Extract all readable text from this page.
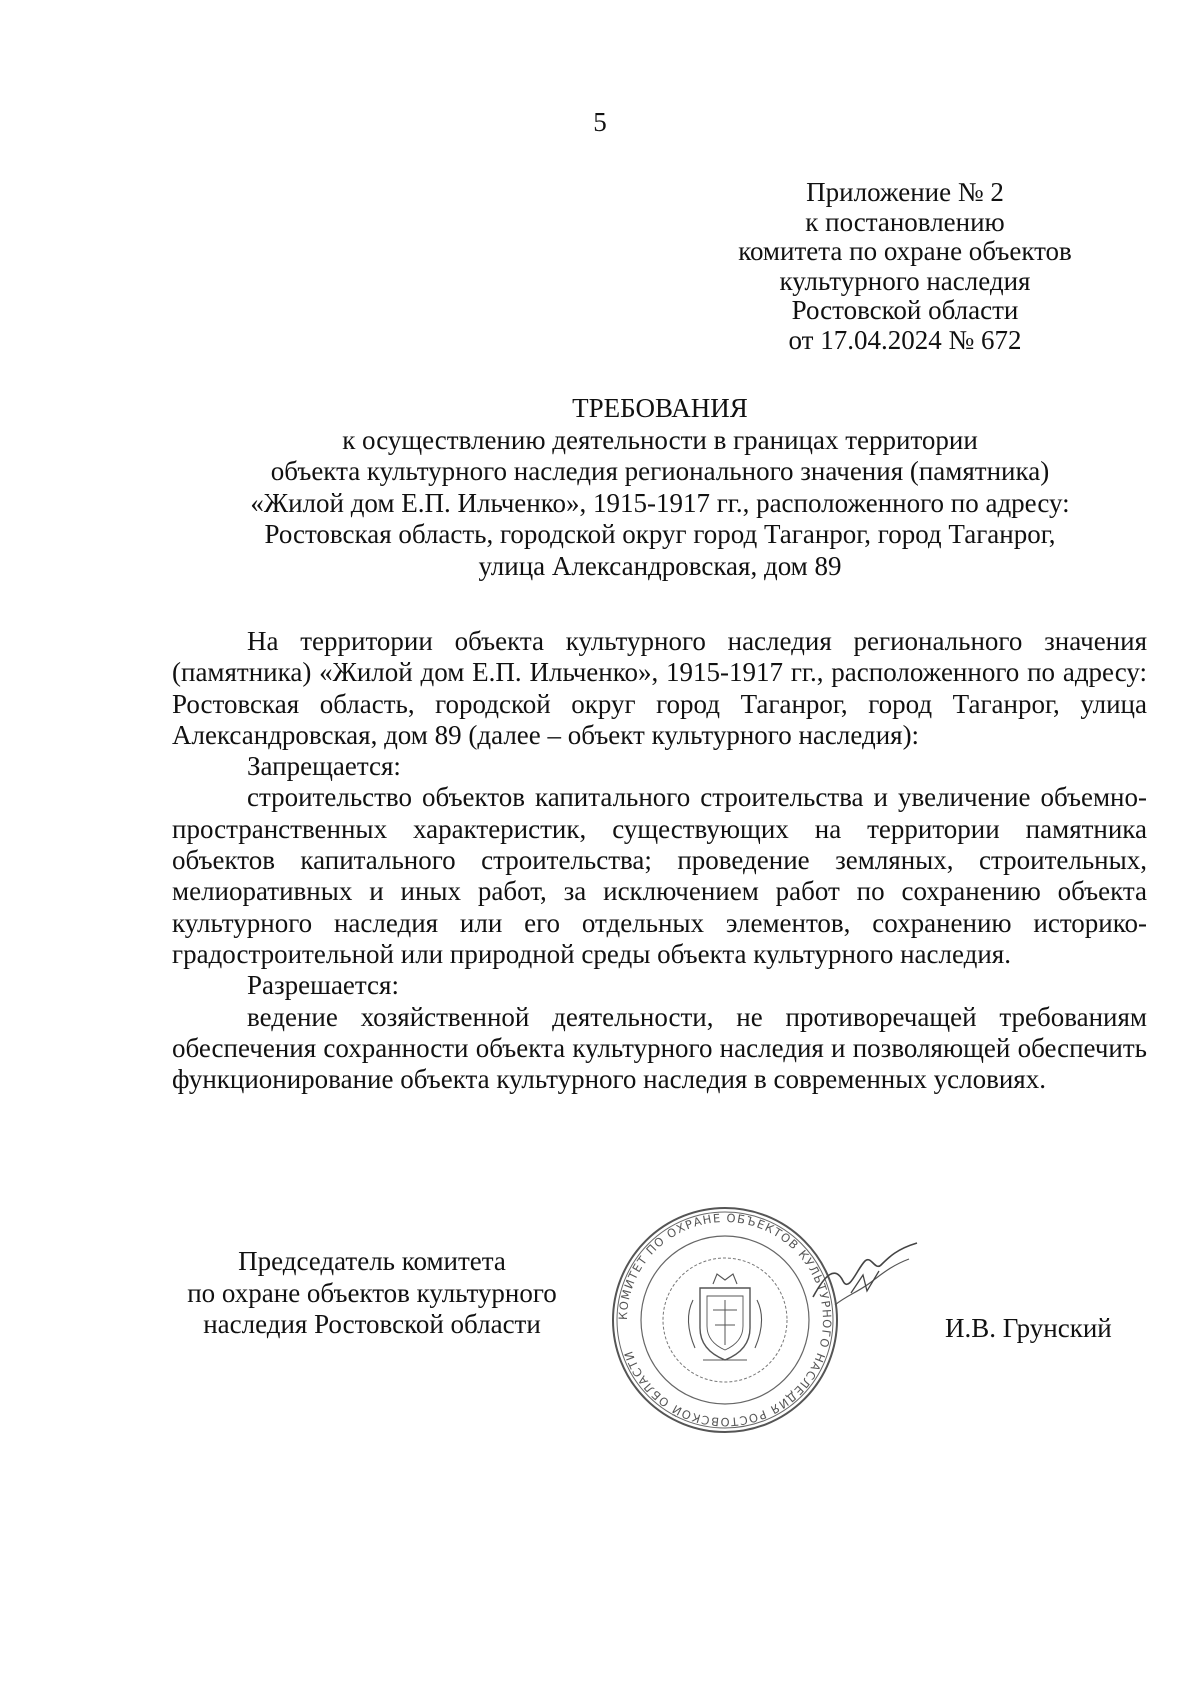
5
Приложение № 2
к постановлению
комитета по охране объектов
культурного наследия
Ростовской области
от 17.04.2024 № 672
ТРЕБОВАНИЯ
к осуществлению деятельности в границах территории
объекта культурного наследия регионального значения (памятника)
«Жилой дом Е.П. Ильченко», 1915-1917 гг., расположенного по адресу:
Ростовская область, городской округ город Таганрог, город Таганрог,
улица Александровская, дом 89

На территории объекта культурного наследия регионального значения (памятника) «Жилой дом Е.П. Ильченко», 1915-1917 гг., расположенного по адресу: Ростовская область, городской округ город Таганрог, город Таганрог, улица Александровская, дом 89 (далее – объект культурного наследия):

Запрещается:

строительство объектов капитального строительства и увеличение объемно-пространственных характеристик, существующих на территории памятника объектов капитального строительства; проведение земляных, строительных, мелиоративных и иных работ, за исключением работ по сохранению объекта культурного наследия или его отдельных элементов, сохранению историко-градостроительной или природной среды объекта культурного наследия.

Разрешается:

ведение хозяйственной деятельности, не противоречащей требованиям обеспечения сохранности объекта культурного наследия и позволяющей обеспечить функционирование объекта культурного наследия в современных условиях.

Председатель комитета
по охране объектов культурного
наследия Ростовской области	КОМИТЕТ ПО ОХРАНЕ ОБЪЕКТОВ КУЛЬТУРНОГО НАСЛЕДИЯ РОСТОВСКОЙ ОБЛАСТИ
И.В. Грунский
